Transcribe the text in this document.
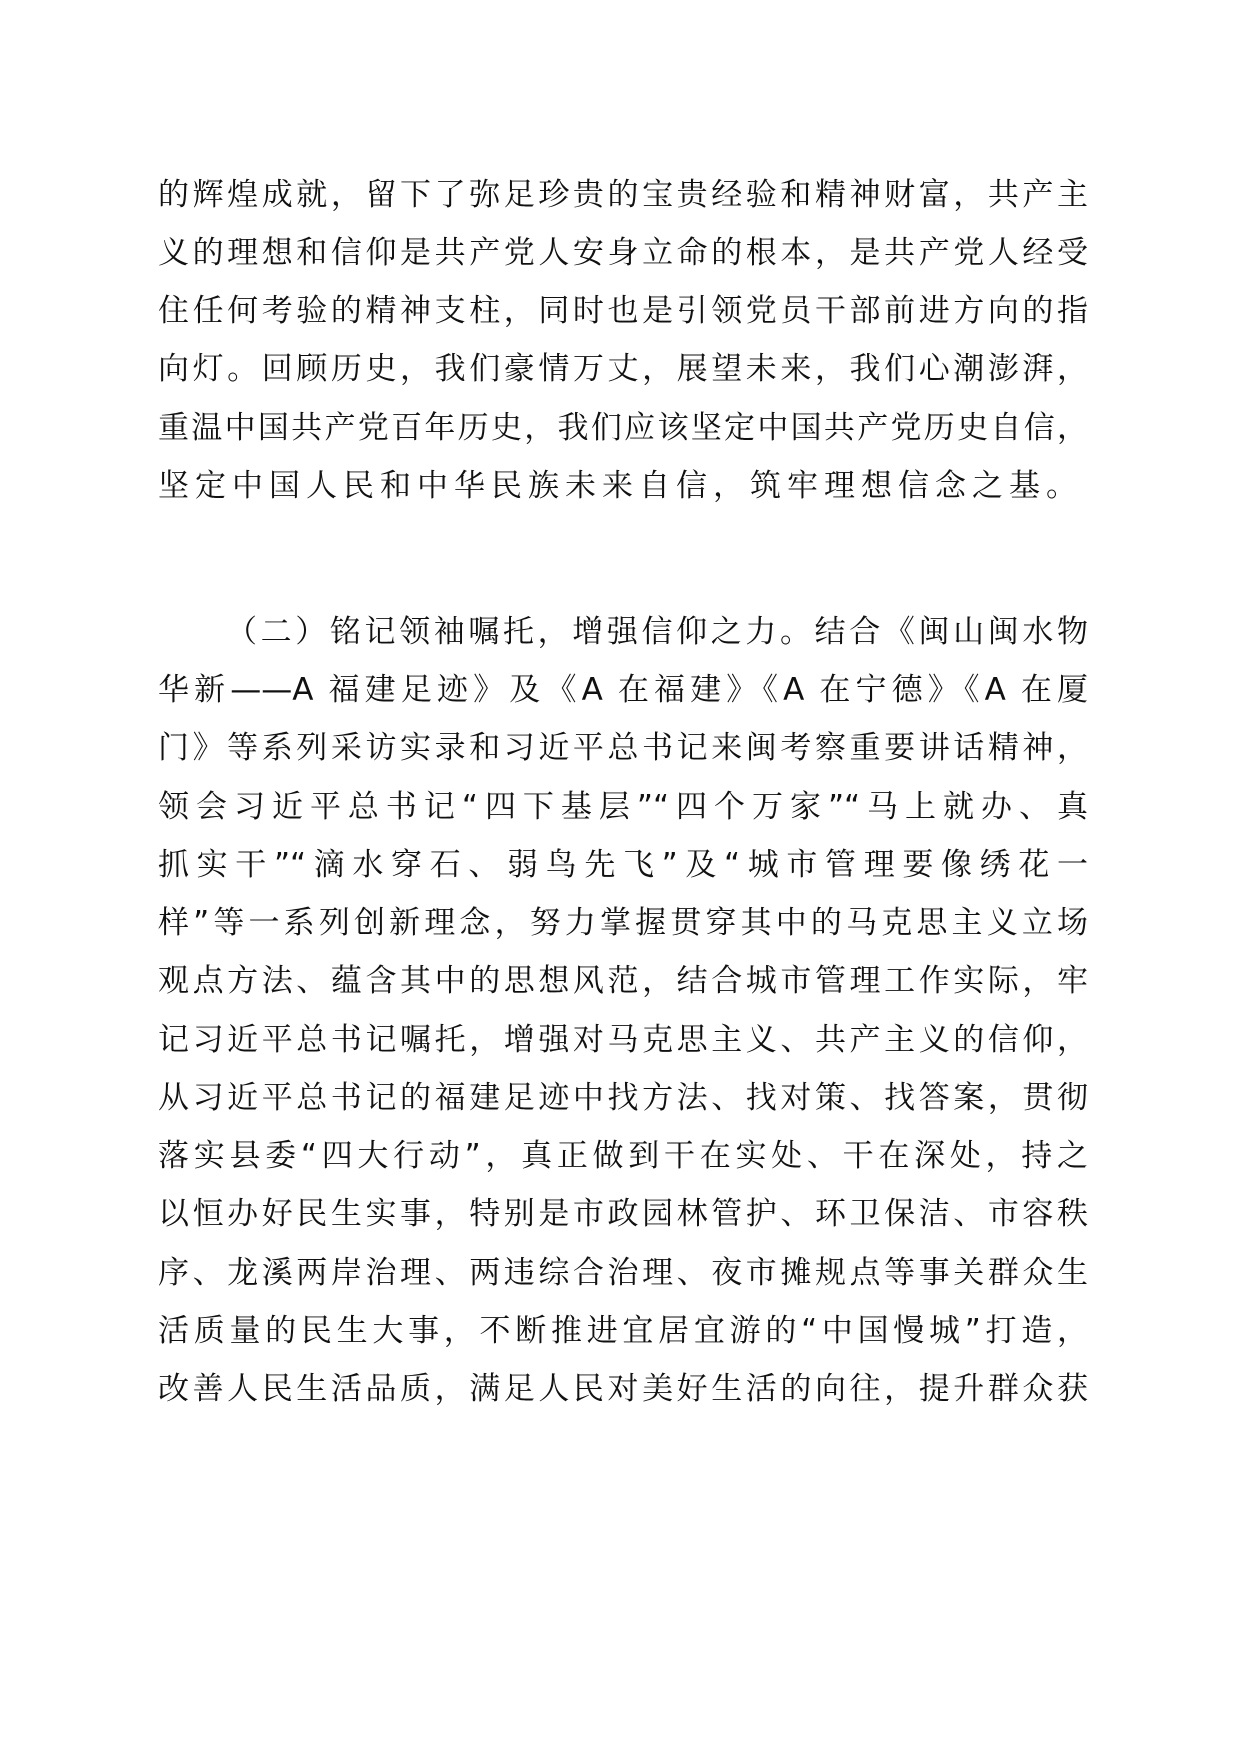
的辉煌成就，留下了弥足珍贵的宝贵经验和精神财富，共产主
义的理想和信仰是共产党人安身立命的根本，是共产党人经受
住任何考验的精神支柱，同时也是引领党员干部前进方向的指
向灯。回顾历史，我们豪情万丈，展望未来，我们心潮澎湃，
重温中国共产党百年历史，我们应该坚定中国共产党历史自信，
坚定中国人民和中华民族未来自信，筑牢理想信念之基。
（二）铭记领袖嘱托，增强信仰之力。结合《闽山闽水物
华新——A 福建足迹》及《A 在福建》《A 在宁德》《A 在厦
门》等系列采访实录和习近平总书记来闽考察重要讲话精神，
领会习近平总书记“四下基层”“四个万家”“马上就办、真
抓实干”“滴水穿石、弱鸟先飞”及“城市管理要像绣花一
样”等一系列创新理念，努力掌握贯穿其中的马克思主义立场
观点方法、蕴含其中的思想风范，结合城市管理工作实际，牢
记习近平总书记嘱托，增强对马克思主义、共产主义的信仰，
从习近平总书记的福建足迹中找方法、找对策、找答案，贯彻
落实县委“四大行动”，真正做到干在实处、干在深处，持之
以恒办好民生实事，特别是市政园林管护、环卫保洁、市容秩
序、龙溪两岸治理、两违综合治理、夜市摊规点等事关群众生
活质量的民生大事，不断推进宜居宜游的“中国慢城”打造，
改善人民生活品质，满足人民对美好生活的向往，提升群众获
